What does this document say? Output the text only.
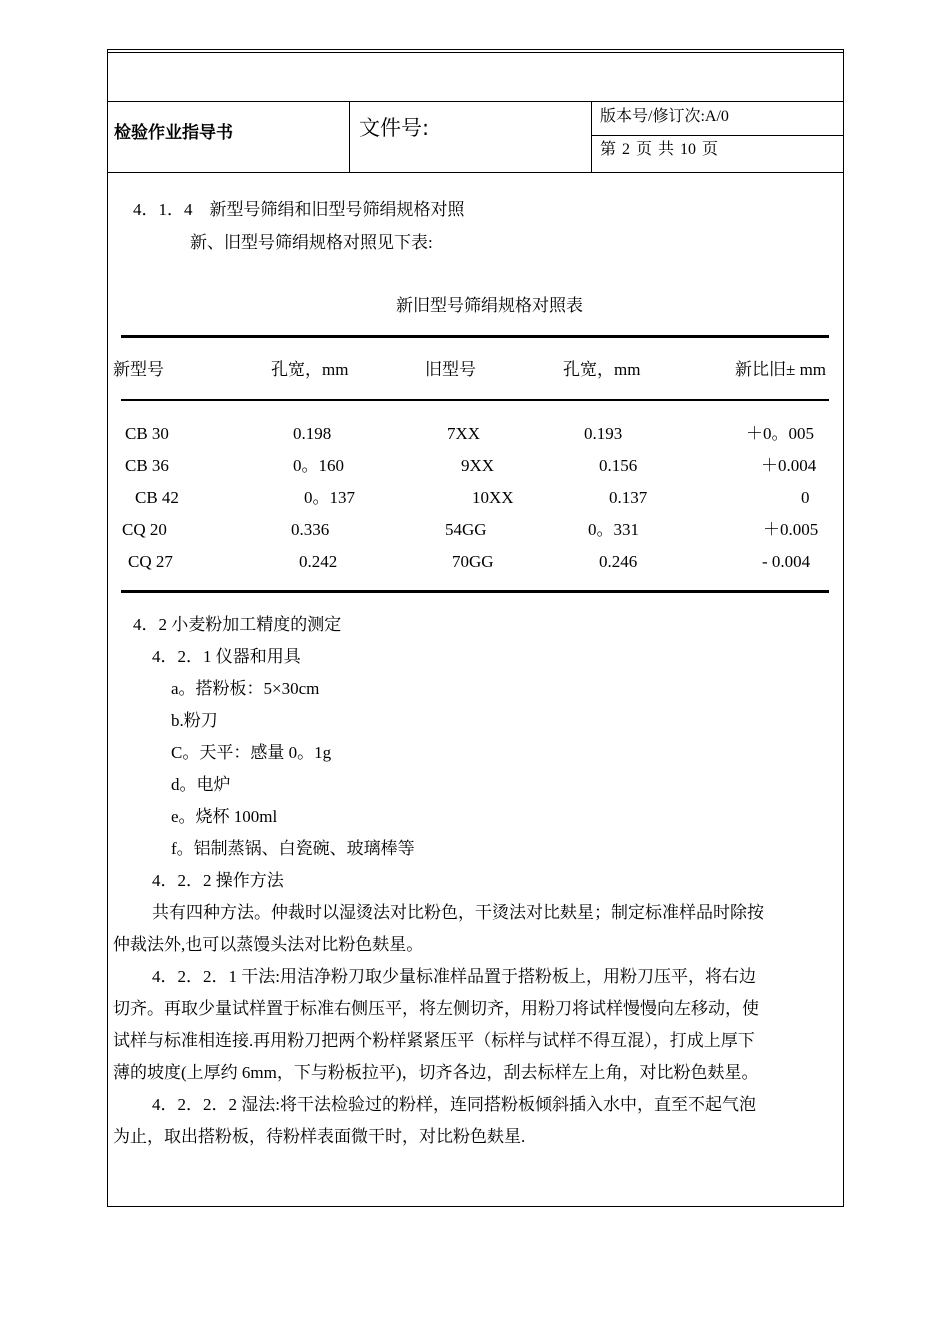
检验作业指导书	文件号:	版本号/修订次:A/0
第 2 页 共 10 页
4．1．4　新型号筛绢和旧型号筛绢规格对照
新、旧型号筛绢规格对照见下表:
新旧型号筛绢规格对照表
新型号	孔宽，mm	旧型号	孔宽，mm	新比旧± mm
CB 30	0.198	7XX	0.193	＋0。005
CB 36	0。160	9XX	0.156	＋0.004
CB 42	0。137	10XX	0.137	0
CQ 20	0.336	54GG	0。331	＋0.005
CQ 27	0.242	70GG	0.246	- 0.004
4．2 小麦粉加工精度的测定
4．2．1 仪器和用具
a。搭粉板：5×30cm
b.粉刀
C。天平：感量 0。1g
d。电炉
e。烧杯 100ml
f。铝制蒸锅、白瓷碗、玻璃棒等
4．2．2 操作方法
共有四种方法。仲裁时以湿烫法对比粉色，干烫法对比麸星；制定标准样品时除按
仲裁法外,也可以蒸馒头法对比粉色麸星。
4．2．2．1 干法:用洁净粉刀取少量标准样品置于搭粉板上，用粉刀压平，将右边
切齐。再取少量试样置于标准右侧压平，将左侧切齐，用粉刀将试样慢慢向左移动，使
试样与标准相连接.再用粉刀把两个粉样紧紧压平（标样与试样不得互混），打成上厚下
薄的坡度(上厚约 6mm，下与粉板拉平)，切齐各边，刮去标样左上角，对比粉色麸星。
4．2．2．2 湿法:将干法检验过的粉样，连同搭粉板倾斜插入水中，直至不起气泡
为止，取出搭粉板，待粉样表面微干时，对比粉色麸星.
